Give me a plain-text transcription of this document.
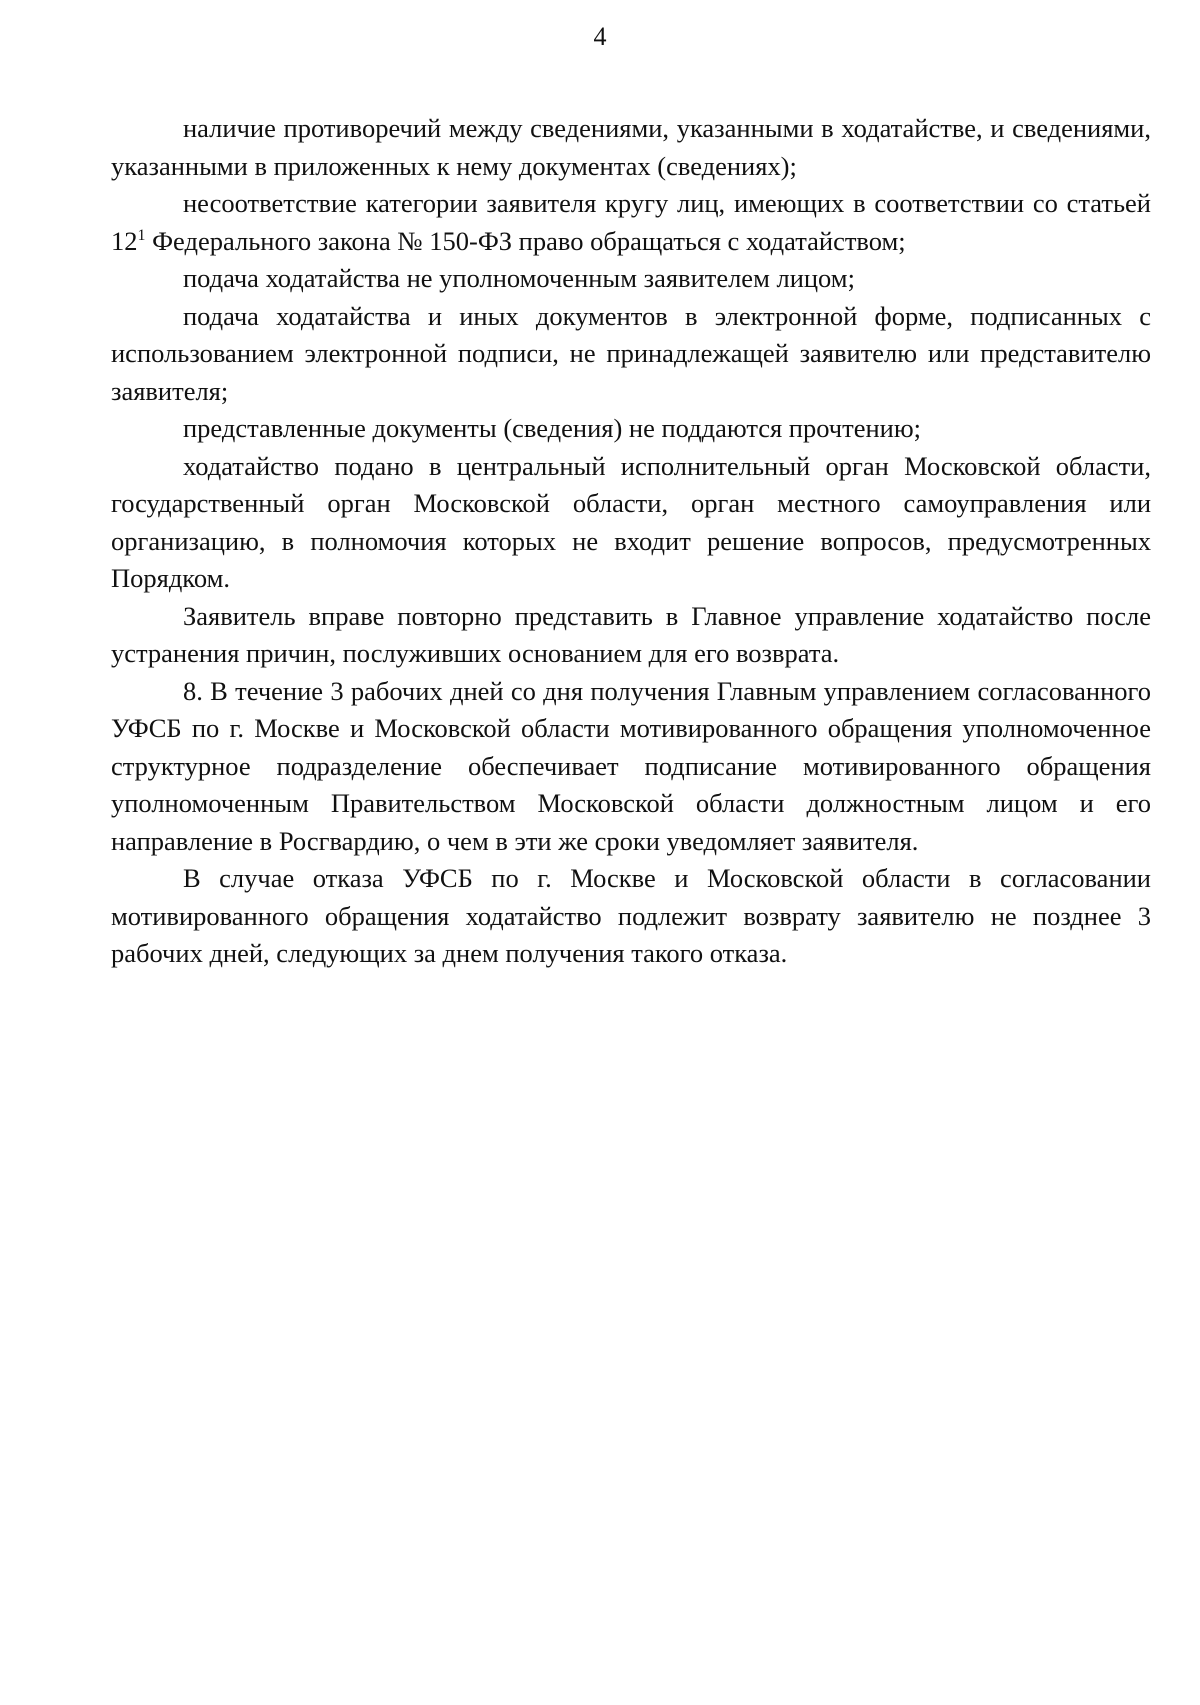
4

наличие противоречий между сведениями, указанными в ходатайстве, и сведениями, указанными в приложенных к нему документах (сведениях);

несоответствие категории заявителя кругу лиц, имеющих в соответствии со статьей $12^1$ Федерального закона № 150-ФЗ право обращаться с ходатайством;

подача ходатайства не уполномоченным заявителем лицом;

подача ходатайства и иных документов в электронной форме, подписанных с использованием электронной подписи, не принадлежащей заявителю или представителю заявителя;

представленные документы (сведения) не поддаются прочтению;

ходатайство подано в центральный исполнительный орган Московской области, государственный орган Московской области, орган местного самоуправления или организацию, в полномочия которых не входит решение вопросов, предусмотренных Порядком.

Заявитель вправе повторно представить в Главное управление ходатайство после устранения причин, послуживших основанием для его возврата.

8. В течение 3 рабочих дней со дня получения Главным управлением согласованного УФСБ по г. Москве и Московской области мотивированного обращения уполномоченное структурное подразделение обеспечивает подписание мотивированного обращения уполномоченным Правительством Московской области должностным лицом и его направление в Росгвардию, о чем в эти же сроки уведомляет заявителя.

В случае отказа УФСБ по г. Москве и Московской области в согласовании мотивированного обращения ходатайство подлежит возврату заявителю не позднее 3 рабочих дней, следующих за днем получения такого отказа.
